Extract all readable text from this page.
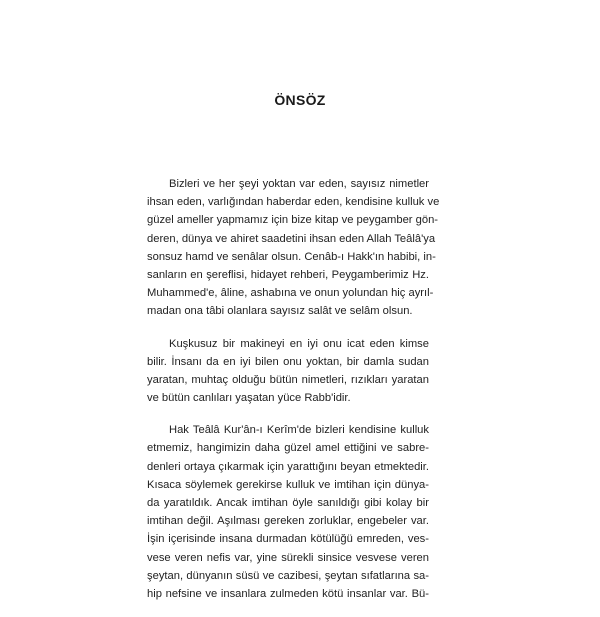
ÖNSÖZ
Bizleri ve her şeyi yoktan var eden, sayısız nimetler
ihsan eden, varlığından haberdar eden, kendisine kulluk ve
güzel ameller yapmamız için bize kitap ve peygamber gön-
deren, dünya ve ahiret saadetini ihsan eden Allah Teâlâ'ya
sonsuz hamd ve senâlar olsun. Cenâb-ı Hakk'ın habibi, in-
sanların en şereflisi, hidayet rehberi, Peygamberimiz Hz.
Muhammed'e, âline, ashabına ve onun yolundan hiç ayrıl-
madan ona tâbi olanlara sayısız salât ve selâm olsun.
Kuşkusuz bir makineyi en iyi onu icat eden kimse
bilir. İnsanı da en iyi bilen onu yoktan, bir damla sudan
yaratan, muhtaç olduğu bütün nimetleri, rızıkları yaratan
ve bütün canlıları yaşatan yüce Rabb'idir.
Hak Teâlâ Kur'ân-ı Kerîm'de bizleri kendisine kulluk
etmemiz, hangimizin daha güzel amel ettiğini ve sabre-
denleri ortaya çıkarmak için yarattığını beyan etmektedir.
Kısaca söylemek gerekirse kulluk ve imtihan için dünya-
da yaratıldık. Ancak imtihan öyle sanıldığı gibi kolay bir
imtihan değil. Aşılması gereken zorluklar, engebeler var.
İşin içerisinde insana durmadan kötülüğü emreden, ves-
vese veren nefis var, yine sürekli sinsice vesvese veren
şeytan, dünyanın süsü ve cazibesi, şeytan sıfatlarına sa-
hip nefsine ve insanlara zulmeden kötü insanlar var. Bü-
